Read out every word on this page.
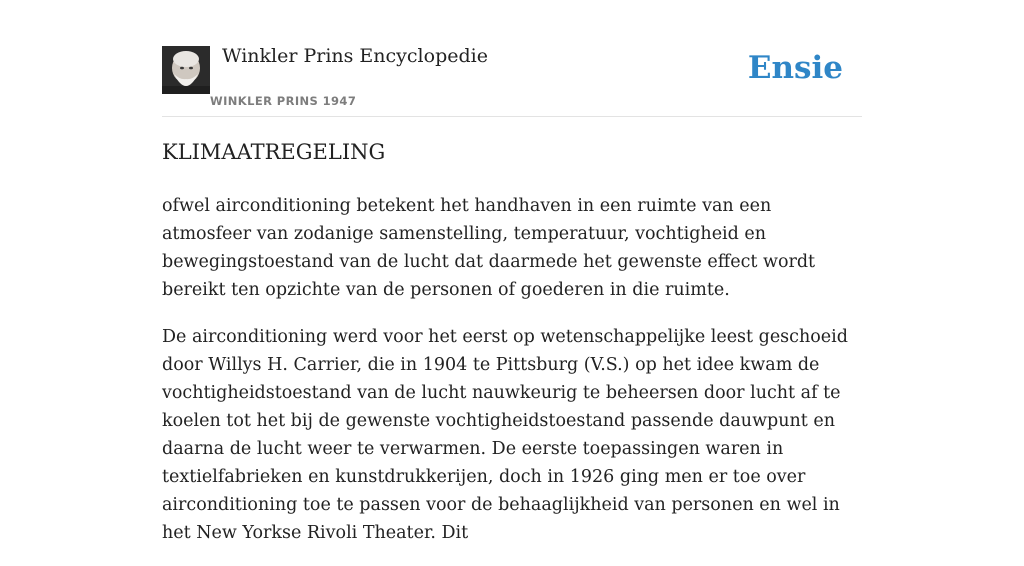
Winkler Prins Encyclopedie
WINKLER PRINS 1947
Ensie
KLIMAATREGELING

ofwel airconditioning betekent het handhaven in een ruimte van een atmosfeer van zodanige samenstelling, temperatuur, vochtigheid en bewegingstoestand van de lucht dat daarmede het gewenste effect wordt bereikt ten opzichte van de personen of goederen in die ruimte.

De airconditioning werd voor het eerst op wetenschappelijke leest geschoeid door Willys H. Carrier, die in 1904 te Pittsburg (V.S.) op het idee kwam de vochtigheidstoestand van de lucht nauwkeurig te beheersen door lucht af te koelen tot het bij de gewenste vochtigheidstoestand passende dauwpunt en daarna de lucht weer te verwarmen. De eerste toepassingen waren in textielfabrieken en kunstdrukkerijen, doch in 1926 ging men er toe over airconditioning toe te passen voor de behaaglijkheid van personen en wel in het New Yorkse Rivoli Theater. Dit
